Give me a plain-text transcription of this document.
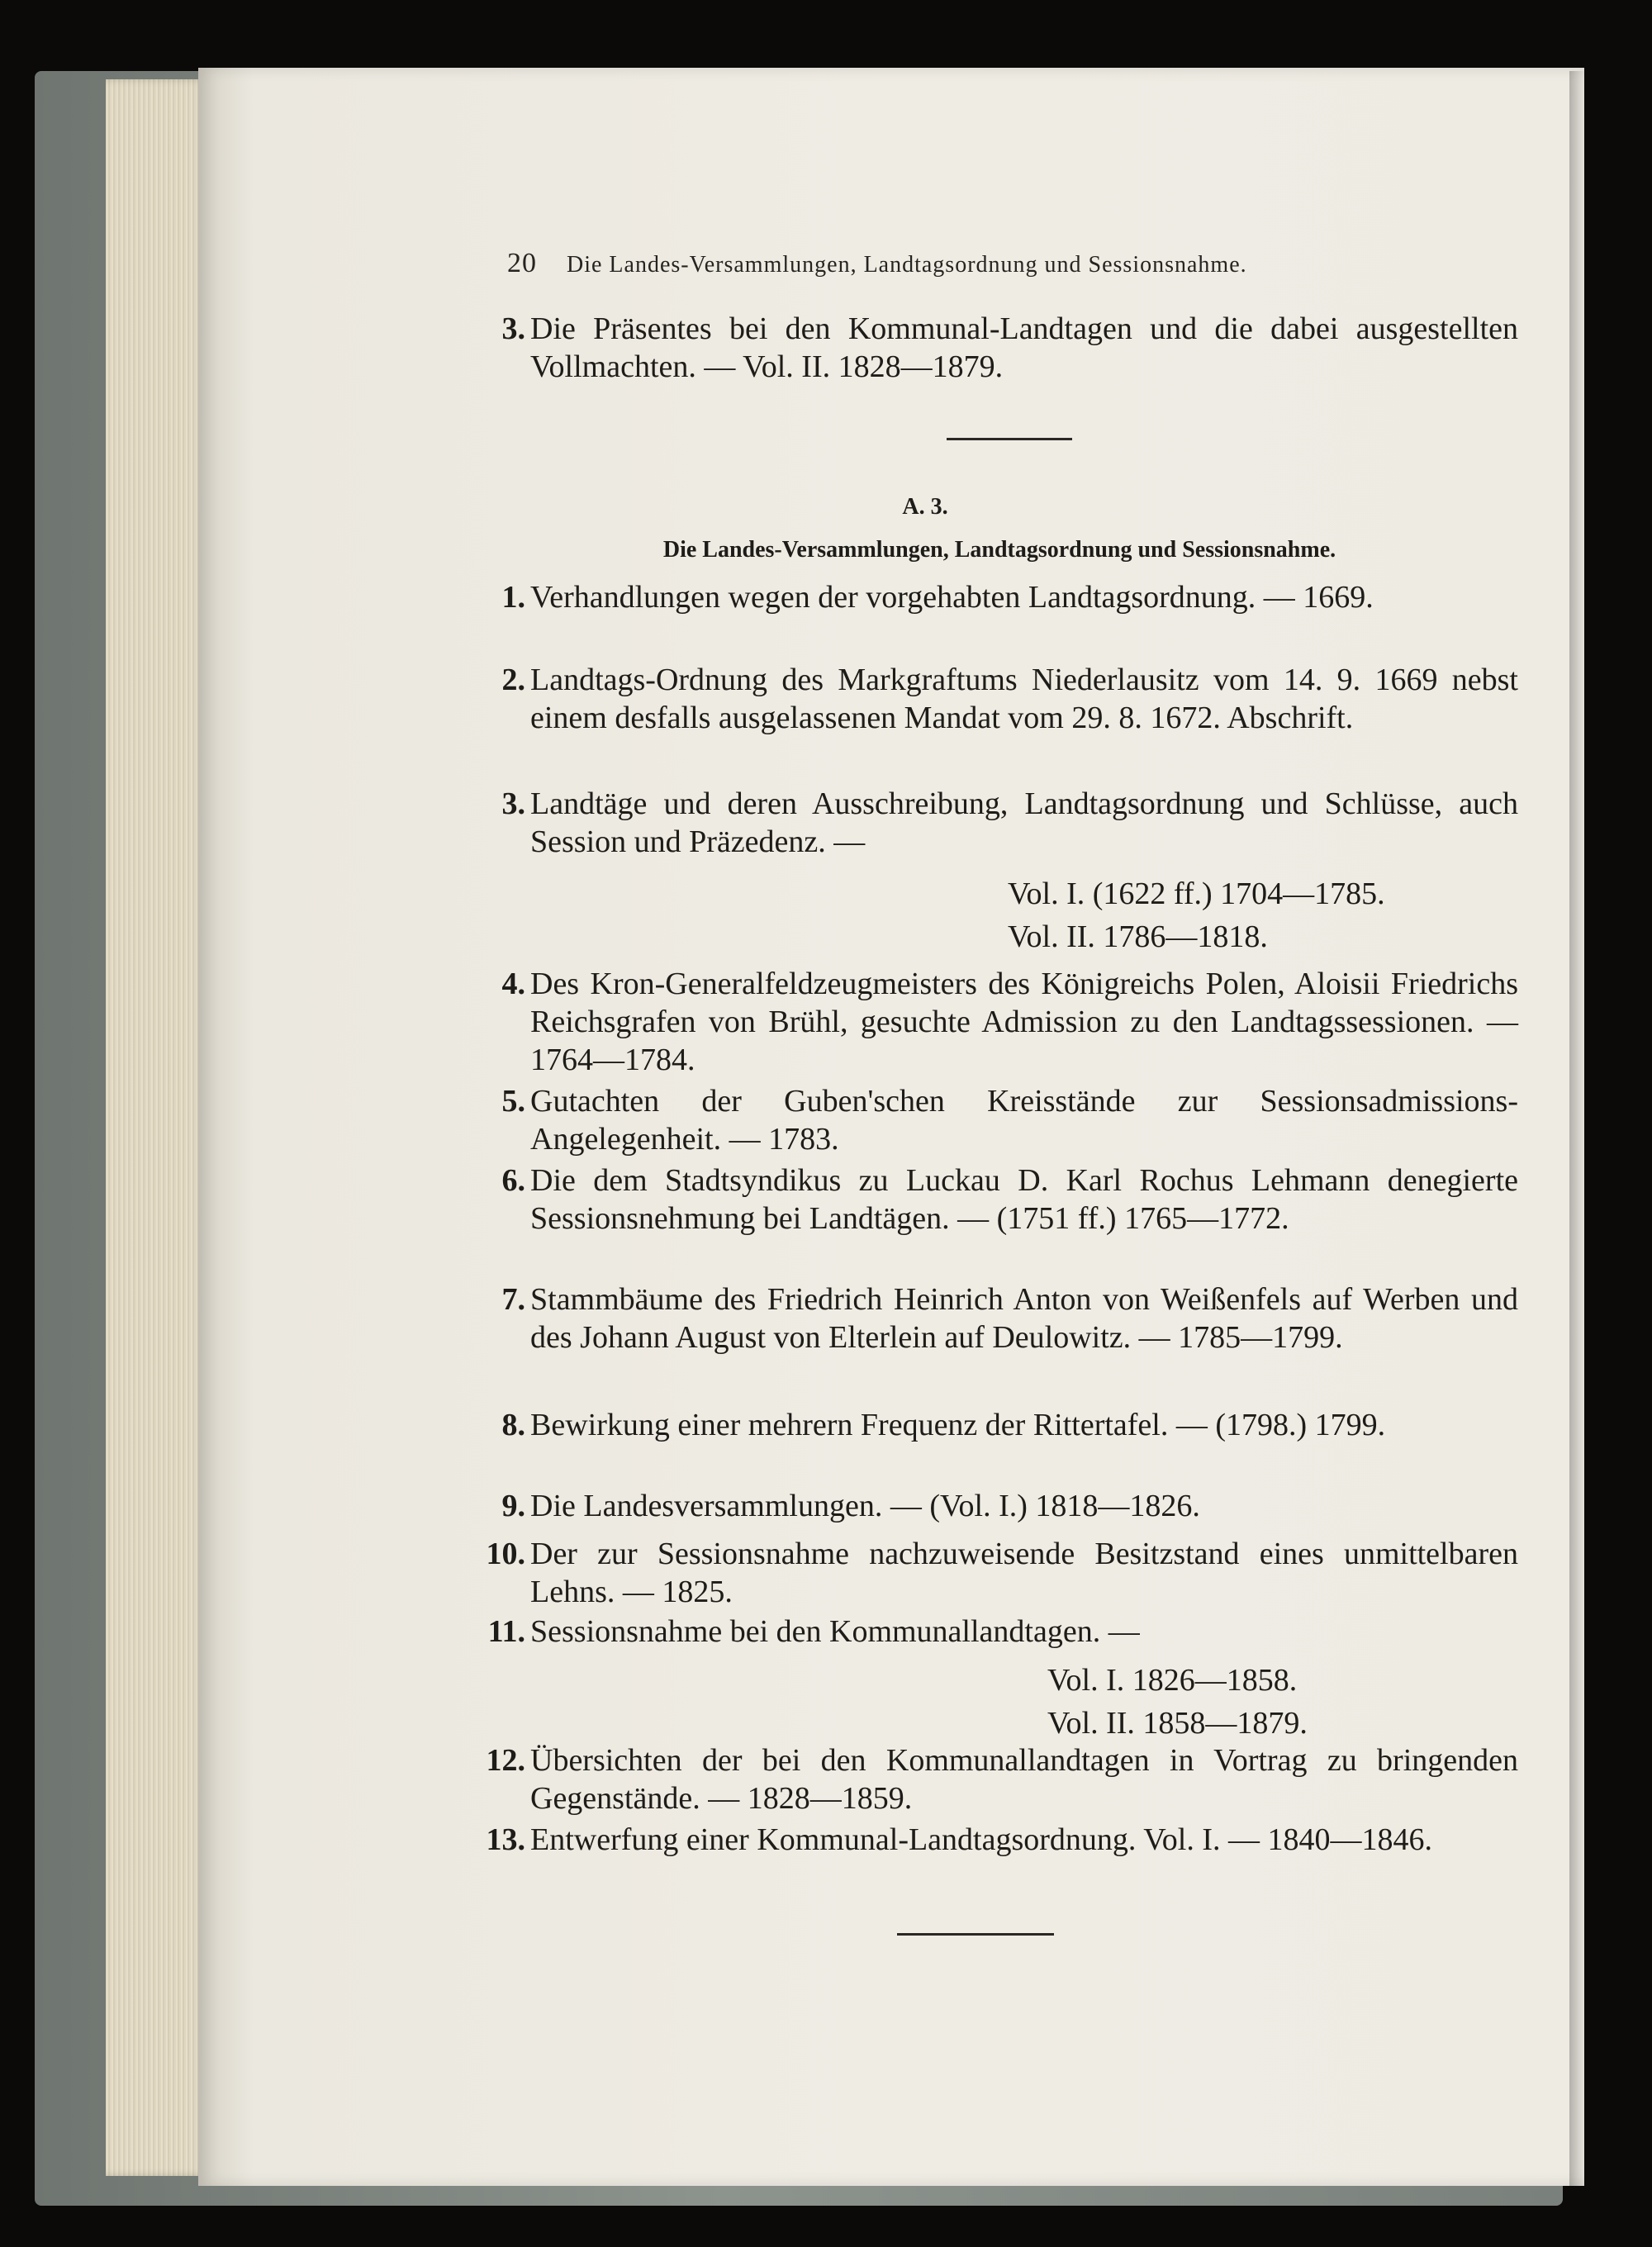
20 Die Landes-Versammlungen, Landtagsordnung und Sessionsnahme.
3. Die Präsentes bei den Kommunal-Landtagen und die dabei ausgestellten Vollmachten. — Vol. II. 1828—1879.
A. 3.
Die Landes-Versammlungen, Landtagsordnung und Sessionsnahme.
1. Verhandlungen wegen der vorgehabten Landtagsordnung. — 1669.
2. Landtags-Ordnung des Markgraftums Niederlausitz vom 14. 9. 1669 nebst einem desfalls ausgelassenen Mandat vom 29. 8. 1672. Abschrift.
3. Landtäge und deren Ausschreibung, Landtagsordnung und Schlüsse, auch Session und Präzedenz. —
Vol. I. (1622 ff.) 1704—1785.
Vol. II. 1786—1818.
4. Des Kron-Generalfeldzeugmeisters des Königreichs Polen, Aloisii Friedrichs Reichsgrafen von Brühl, gesuchte Admission zu den Landtagssessionen. — 1764—1784.
5. Gutachten der Guben'schen Kreisstände zur Sessionsadmissions-Angelegenheit. — 1783.
6. Die dem Stadtsyndikus zu Luckau D. Karl Rochus Lehmann denegierte Sessionsnehmung bei Landtägen. — (1751 ff.) 1765—1772.
7. Stammbäume des Friedrich Heinrich Anton von Weißenfels auf Werben und des Johann August von Elterlein auf Deulowitz. — 1785—1799.
8. Bewirkung einer mehrern Frequenz der Rittertafel. — (1798.) 1799.
9. Die Landesversammlungen. — (Vol. I.) 1818—1826.
10. Der zur Sessionsnahme nachzuweisende Besitzstand eines unmittelbaren Lehns. — 1825.
11. Sessionsnahme bei den Kommunallandtagen. —
Vol. I. 1826—1858.
Vol. II. 1858—1879.
12. Übersichten der bei den Kommunallandtagen in Vortrag zu bringenden Gegenstände. — 1828—1859.
13. Entwerfung einer Kommunal-Landtagsordnung. Vol. I. — 1840—1846.
